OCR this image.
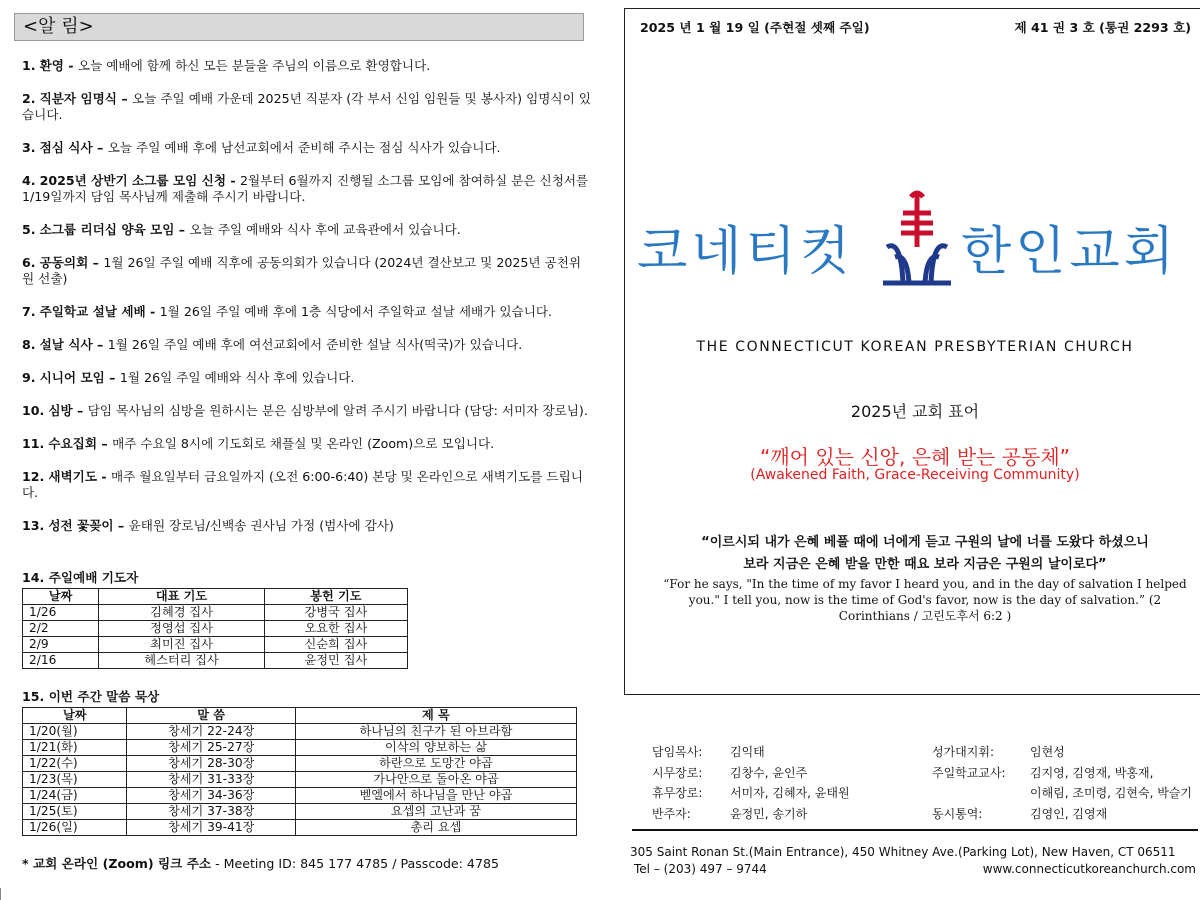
<알 림>
1. 환영 - 오늘 예배에 함께 하신 모든 분들을 주님의 이름으로 환영합니다.
2. 직분자 임명식 – 오늘 주일 예배 가운데 2025년 직분자 (각 부서 신임 임원들 및 봉사자) 임명식이 있습니다.
3. 점심 식사 – 오늘 주일 예배 후에 남선교회에서 준비해 주시는 점심 식사가 있습니다.
4. 2025년 상반기 소그룹 모임 신청 - 2월부터 6월까지 진행될 소그룹 모임에 참여하실 분은 신청서를 1/19일까지 담임 목사님께 제출해 주시기 바랍니다.
5. 소그룹 리더십 양육 모임 – 오늘 주일 예배와 식사 후에 교육관에서 있습니다.
6. 공동의회 – 1월 26일 주일 예배 직후에 공동의회가 있습니다 (2024년 결산보고 및 2025년 공천위원 선출)
7. 주일학교 설날 세배 - 1월 26일 주일 예배 후에 1층 식당에서 주일학교 설날 세배가 있습니다.
8. 설날 식사 – 1월 26일 주일 예배 후에 여선교회에서 준비한 설날 식사(떡국)가 있습니다.
9. 시니어 모임 – 1월 26일 주일 예배와 식사 후에 있습니다.
10. 심방 – 담임 목사님의 심방을 원하시는 분은 심방부에 알려 주시기 바랍니다 (담당: 서미자 장로님).
11. 수요집회 – 매주 수요일 8시에 기도회로 채플실 및 온라인 (Zoom)으로 모입니다.
12. 새벽기도 - 매주 월요일부터 금요일까지 (오전 6:00-6:40) 본당 및 온라인으로 새벽기도를 드립니다.
13. 성전 꽃꽂이 – 윤태원 장로님/신백송 권사님 가정 (범사에 감사)
14. 주일예배 기도자
날짜	대표 기도	봉헌 기도
1/26	김혜경 집사	강병국 집사
2/2	정영섭 집사	오요한 집사
2/9	최미진 집사	신순희 집사
2/16	헤스터리 집사	윤정민 집사
15. 이번 주간 말씀 묵상
날짜	말 씀	제 목
1/20(월)	창세기 22-24장	하나님의 친구가 된 아브라함
1/21(화)	창세기 25-27장	이삭의 양보하는 삶
1/22(수)	창세기 28-30장	하란으로 도망간 야곱
1/23(목)	창세기 31-33장	가나안으로 돌아온 야곱
1/24(금)	창세기 34-36장	벧엘에서 하나님을 만난 야곱
1/25(토)	창세기 37-38장	요셉의 고난과 꿈
1/26(일)	창세기 39-41장	총리 요셉
* 교회 온라인 (Zoom) 링크 주소 - Meeting ID: 845 177 4785 / Passcode: 4785
2025 년 1 월 19 일 (주현절 셋째 주일)	제 41 권 3 호 (통권 2293 호)
코네티컷 한인교회
THE CONNECTICUT KOREAN PRESBYTERIAN CHURCH
2025년 교회 표어
“깨어 있는 신앙, 은혜 받는 공동체”
(Awakened Faith, Grace-Receiving Community)
“이르시되 내가 은혜 베풀 때에 너에게 듣고 구원의 날에 너를 도왔다 하셨으니
보라 지금은 은혜 받을 만한 때요 보라 지금은 구원의 날이로다”
“For he says, "In the time of my favor I heard you, and in the day of salvation I helped you." I tell you, now is the time of God's favor, now is the day of salvation.” (2 Corinthians / 고린도후서 6:2 )
담임목사: 김익태
시무장로: 김창수, 윤인주
휴무장로: 서미자, 김혜자, 윤태원
반주자:	윤정민, 송기하
성가대지휘:	임현성
주일학교교사: 김지영, 김영재, 박홍재,
이해림, 조미령, 김현숙, 박슬기
동시통역:	김영인, 김영재
305 Saint Ronan St.(Main Entrance), 450 Whitney Ave.(Parking Lot), New Haven, CT 06511
Tel – (203) 497 – 9744	www.connecticutkoreanchurch.com
